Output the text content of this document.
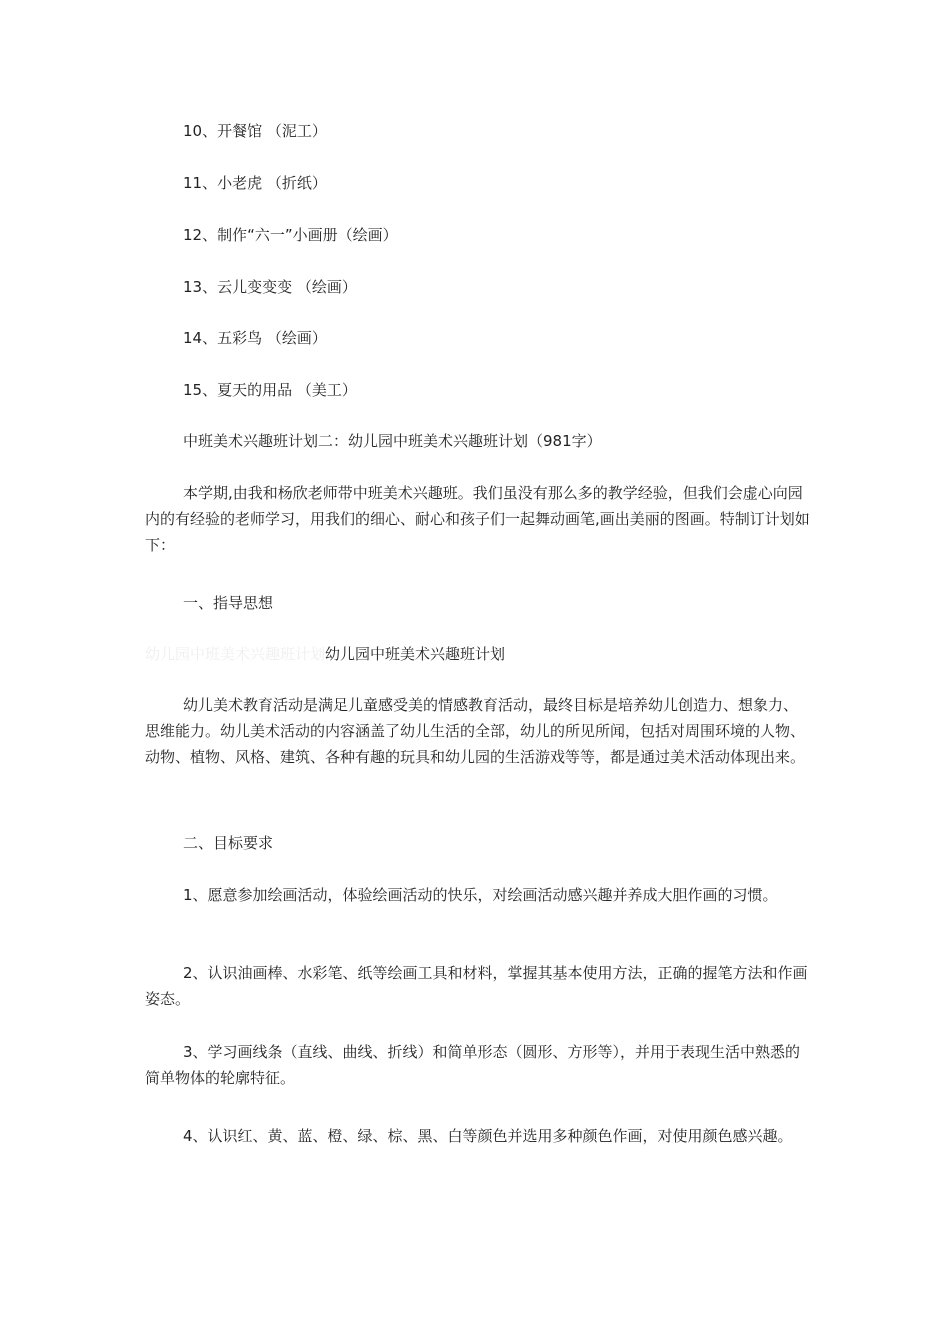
10、开餐馆 （泥工）

11、小老虎 （折纸）

12、制作“六一”小画册（绘画）

13、云儿变变变 （绘画）

14、五彩鸟 （绘画）

15、夏天的用品 （美工）

中班美术兴趣班计划二：幼儿园中班美术兴趣班计划（981字）

本学期,由我和杨欣老师带中班美术兴趣班。我们虽没有那么多的教学经验，但我们会虚心向园内的有经验的老师学习，用我们的细心、耐心和孩子们一起舞动画笔,画出美丽的图画。特制订计划如下：

一、指导思想

幼儿园中班美术兴趣班计划幼儿园中班美术兴趣班计划

幼儿美术教育活动是满足儿童感受美的情感教育活动，最终目标是培养幼儿创造力、想象力、思维能力。幼儿美术活动的内容涵盖了幼儿生活的全部，幼儿的所见所闻，包括对周围环境的人物、动物、植物、风格、建筑、各种有趣的玩具和幼儿园的生活游戏等等，都是通过美术活动体现出来。

二、目标要求

1、愿意参加绘画活动，体验绘画活动的快乐，对绘画活动感兴趣并养成大胆作画的习惯。

2、认识油画棒、水彩笔、纸等绘画工具和材料，掌握其基本使用方法，正确的握笔方法和作画姿态。

3、学习画线条（直线、曲线、折线）和简单形态（圆形、方形等），并用于表现生活中熟悉的简单物体的轮廓特征。

4、认识红、黄、蓝、橙、绿、棕、黑、白等颜色并选用多种颜色作画，对使用颜色感兴趣。
